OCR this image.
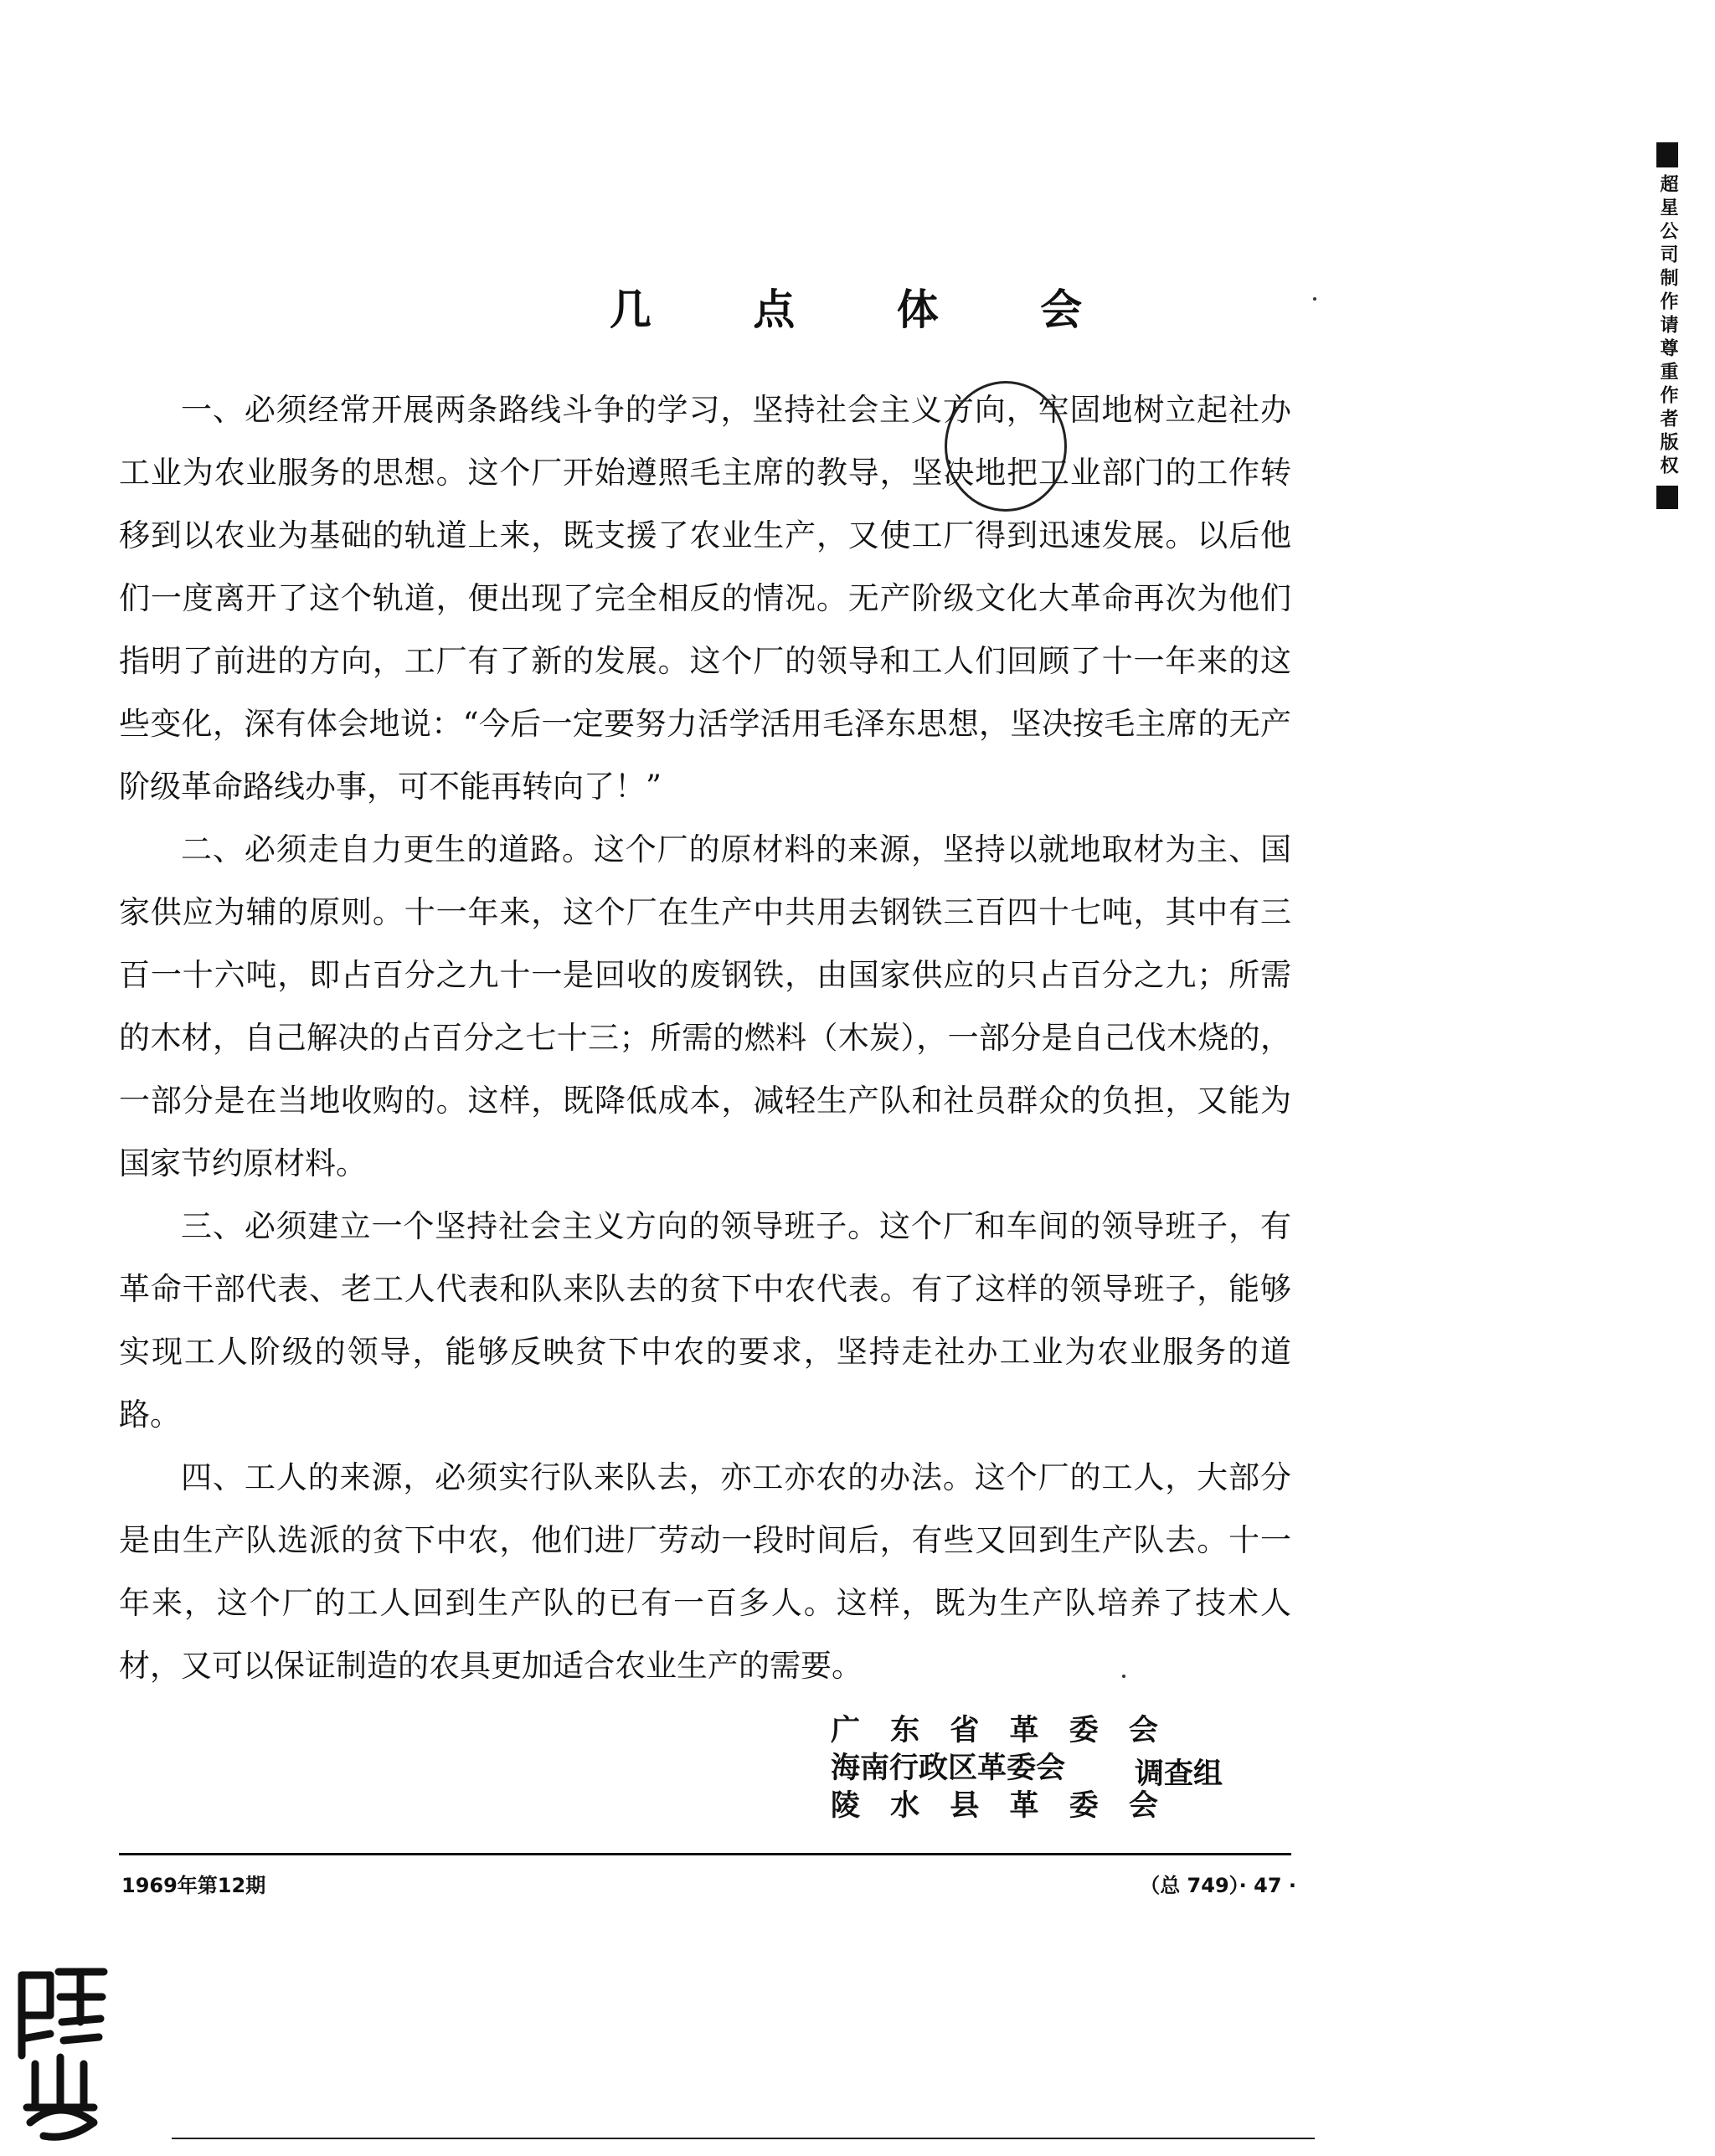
几 点 体 会

一、必须经常开展两条路线斗争的学习，坚持社会主义方向，牢固地树立起社办工业为农业服务的思想。这个厂开始遵照毛主席的教导，坚决地把工业部门的工作转移到以农业为基础的轨道上来，既支援了农业生产，又使工厂得到迅速发展。以后他们一度离开了这个轨道，便出现了完全相反的情况。无产阶级文化大革命再次为他们指明了前进的方向，工厂有了新的发展。这个厂的领导和工人们回顾了十一年来的这些变化，深有体会地说：“今后一定要努力活学活用毛泽东思想，坚决按毛主席的无产阶级革命路线办事，可不能再转向了！”

二、必须走自力更生的道路。这个厂的原材料的来源，坚持以就地取材为主、国家供应为辅的原则。十一年来，这个厂在生产中共用去钢铁三百四十七吨，其中有三百一十六吨，即占百分之九十一是回收的废钢铁，由国家供应的只占百分之九；所需的木材，自己解决的占百分之七十三；所需的燃料（木炭），一部分是自己伐木烧的，一部分是在当地收购的。这样，既降低成本，减轻生产队和社员群众的负担，又能为国家节约原材料。

三、必须建立一个坚持社会主义方向的领导班子。这个厂和车间的领导班子，有革命干部代表、老工人代表和队来队去的贫下中农代表。有了这样的领导班子，能够实现工人阶级的领导，能够反映贫下中农的要求，坚持走社办工业为农业服务的道路。

四、工人的来源，必须实行队来队去，亦工亦农的办法。这个厂的工人，大部分是由生产队选派的贫下中农，他们进厂劳动一段时间后，有些又回到生产队去。十一年来，这个厂的工人回到生产队的已有一百多人。这样，既为生产队培养了技术人材，又可以保证制造的农具更加适合农业生产的需要。

广 东 省 革 委 会
海南行政区革委会
陵 水 县 革 委 会
调查组
1969年第12期	（总 749）· 47 ·
超星公司制作请尊重作者版权
